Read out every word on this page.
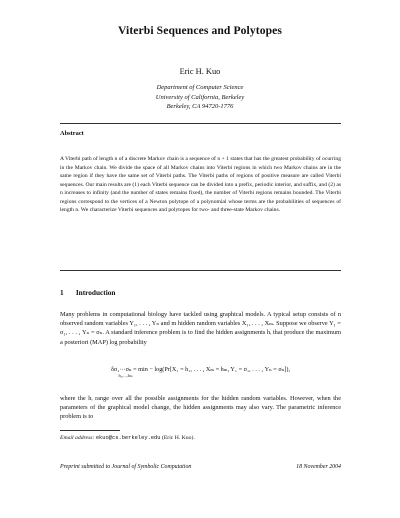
Viterbi Sequences and Polytopes
Eric H. Kuo
Department of Computer Science
University of California, Berkeley
Berkeley, CA 94720-1776
Abstract
A Viterbi path of length n of a discrete Markov chain is a sequence of n + 1 states that has the greatest probability of ocurring in the Markov chain. We divide the space of all Markov chains into Viterbi regions in which two Markov chains are in the same region if they have the same set of Viterbi paths. The Viterbi paths of regions of positive measure are called Viterbi sequences. Our main results are (1) each Viterbi sequence can be divided into a prefix, periodic interior, and suffix, and (2) as n increases to infinity (and the number of states remains fixed), the number of Viterbi regions remains bounded. The Viterbi regions correspond to the vertices of a Newton polytope of a polynomial whose terms are the probabilities of sequences of length n. We characterize Viterbi sequences and polytopes for two- and three-state Markov chains.
1 Introduction
Many problems in computational biology have tackled using graphical models. A typical setup consists of n observed random variables Y₁, . . . , Yₙ and m hidden random variables X₁, . . . , Xₘ. Suppose we observe Y₁ = σ₁, . . . , Yₙ = σₙ. A standard inference problem is to find the hidden assignments hᵢ that produce the maximum a posteriori (MAP) log probability
δσ₁···σₙ = min − log(Pr[X₁ = h₁, . . . , Xₘ = hₘ, Y₁ = σ₁, . . . , Yₙ = σₙ]),
h₁,...,hₘ
where the hᵢ range over all the possible assignments for the hidden random variables. However, when the parameters of the graphical model change, the hidden assignments may also vary. The parametric inference problem is to
Email address: ekuo@cs.berkeley.edu (Eric H. Kuo).
Preprint submitted to Journal of Symbolic Computation	18 November 2004
